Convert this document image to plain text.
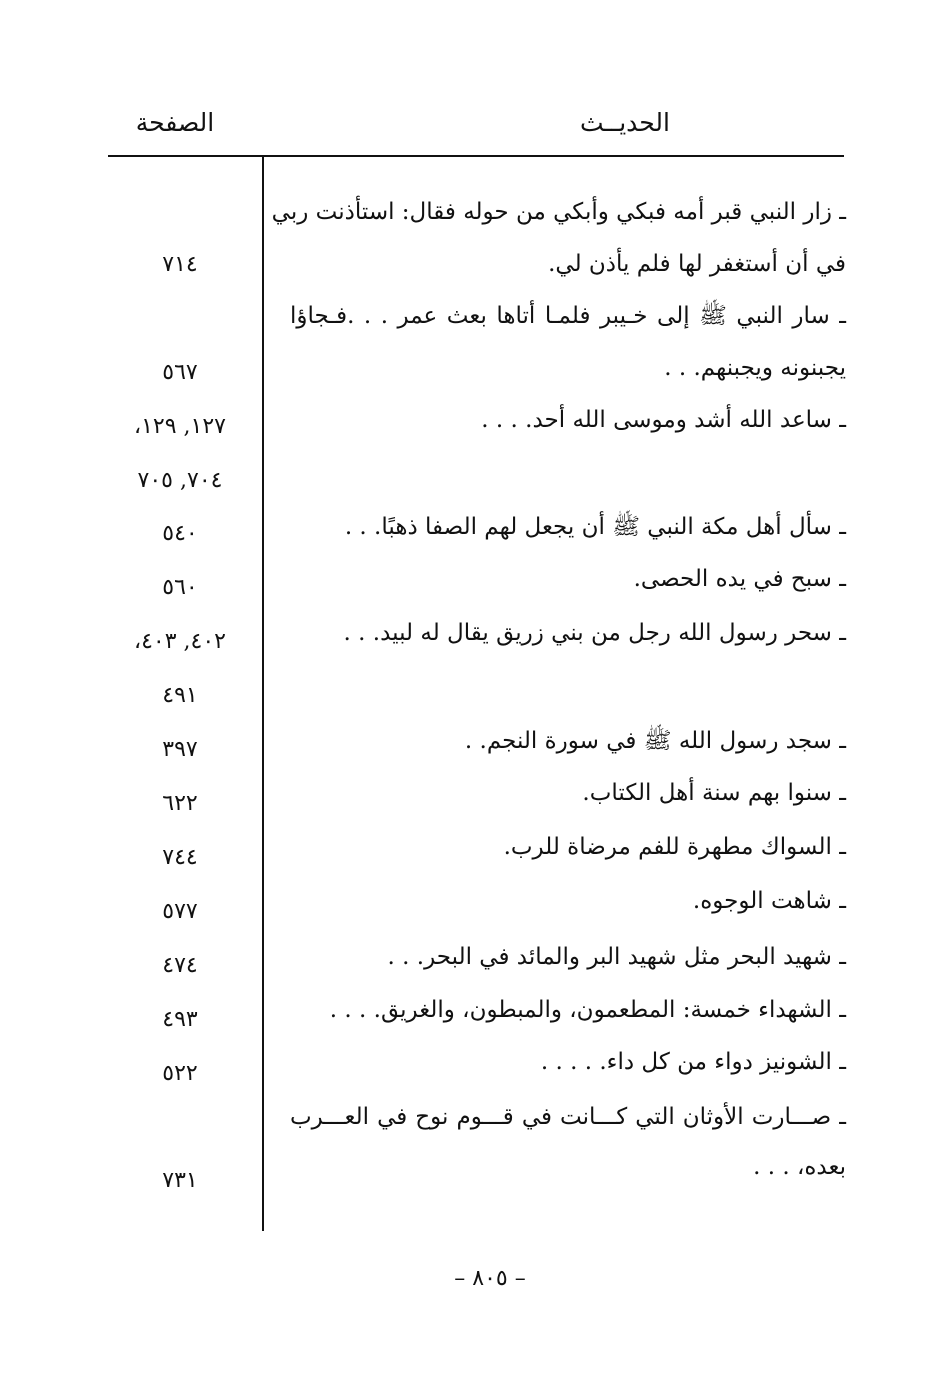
الحديــث
الصفحة
ـ زار النبي قبر أمه فبكي وأبكي من حوله فقال: استأذنت ربي
في أن أستغفر لها فلم يأذن لي.
ـ سار النبي ﷺ إلى خـيبر فلمـا أتاها بعث عمر . . .فـجاؤا
يجبنونه ويجبنهم. . .
ـ ساعد الله أشد وموسى الله أحد. . . .
ـ سأل أهل مكة النبي ﷺ أن يجعل لهم الصفا ذهبًا. . .
ـ سبح في يده الحصى.
ـ سحر رسول الله رجل من بني زريق يقال له لبيد. . .
ـ سجد رسول الله ﷺ في سورة النجم. .
ـ سنوا بهم سنة أهل الكتاب.
ـ السواك مطهرة للفم مرضاة للرب.
ـ شاهت الوجوه.
ـ شهيد البحر مثل شهيد البر والمائد في البحر. . .
ـ الشهداء خمسة: المطعمون، والمبطون، والغريق. . . .
ـ الشونيز دواء من كل داء. . . . .
ـ صـــارت الأوثان التي كـــانت في قـــوم نوح في العـــرب
بعده، . . .
٧١٤
٥٦٧
١٢٧, ١٢٩،
٧٠٤, ٧٠٥
٥٤٠
٥٦٠
٤٠٢, ٤٠٣،
٤٩١
٣٩٧
٦٢٢
٧٤٤
٥٧٧
٤٧٤
٤٩٣
٥٢٢
٧٣١
– ٨٠٥ –
